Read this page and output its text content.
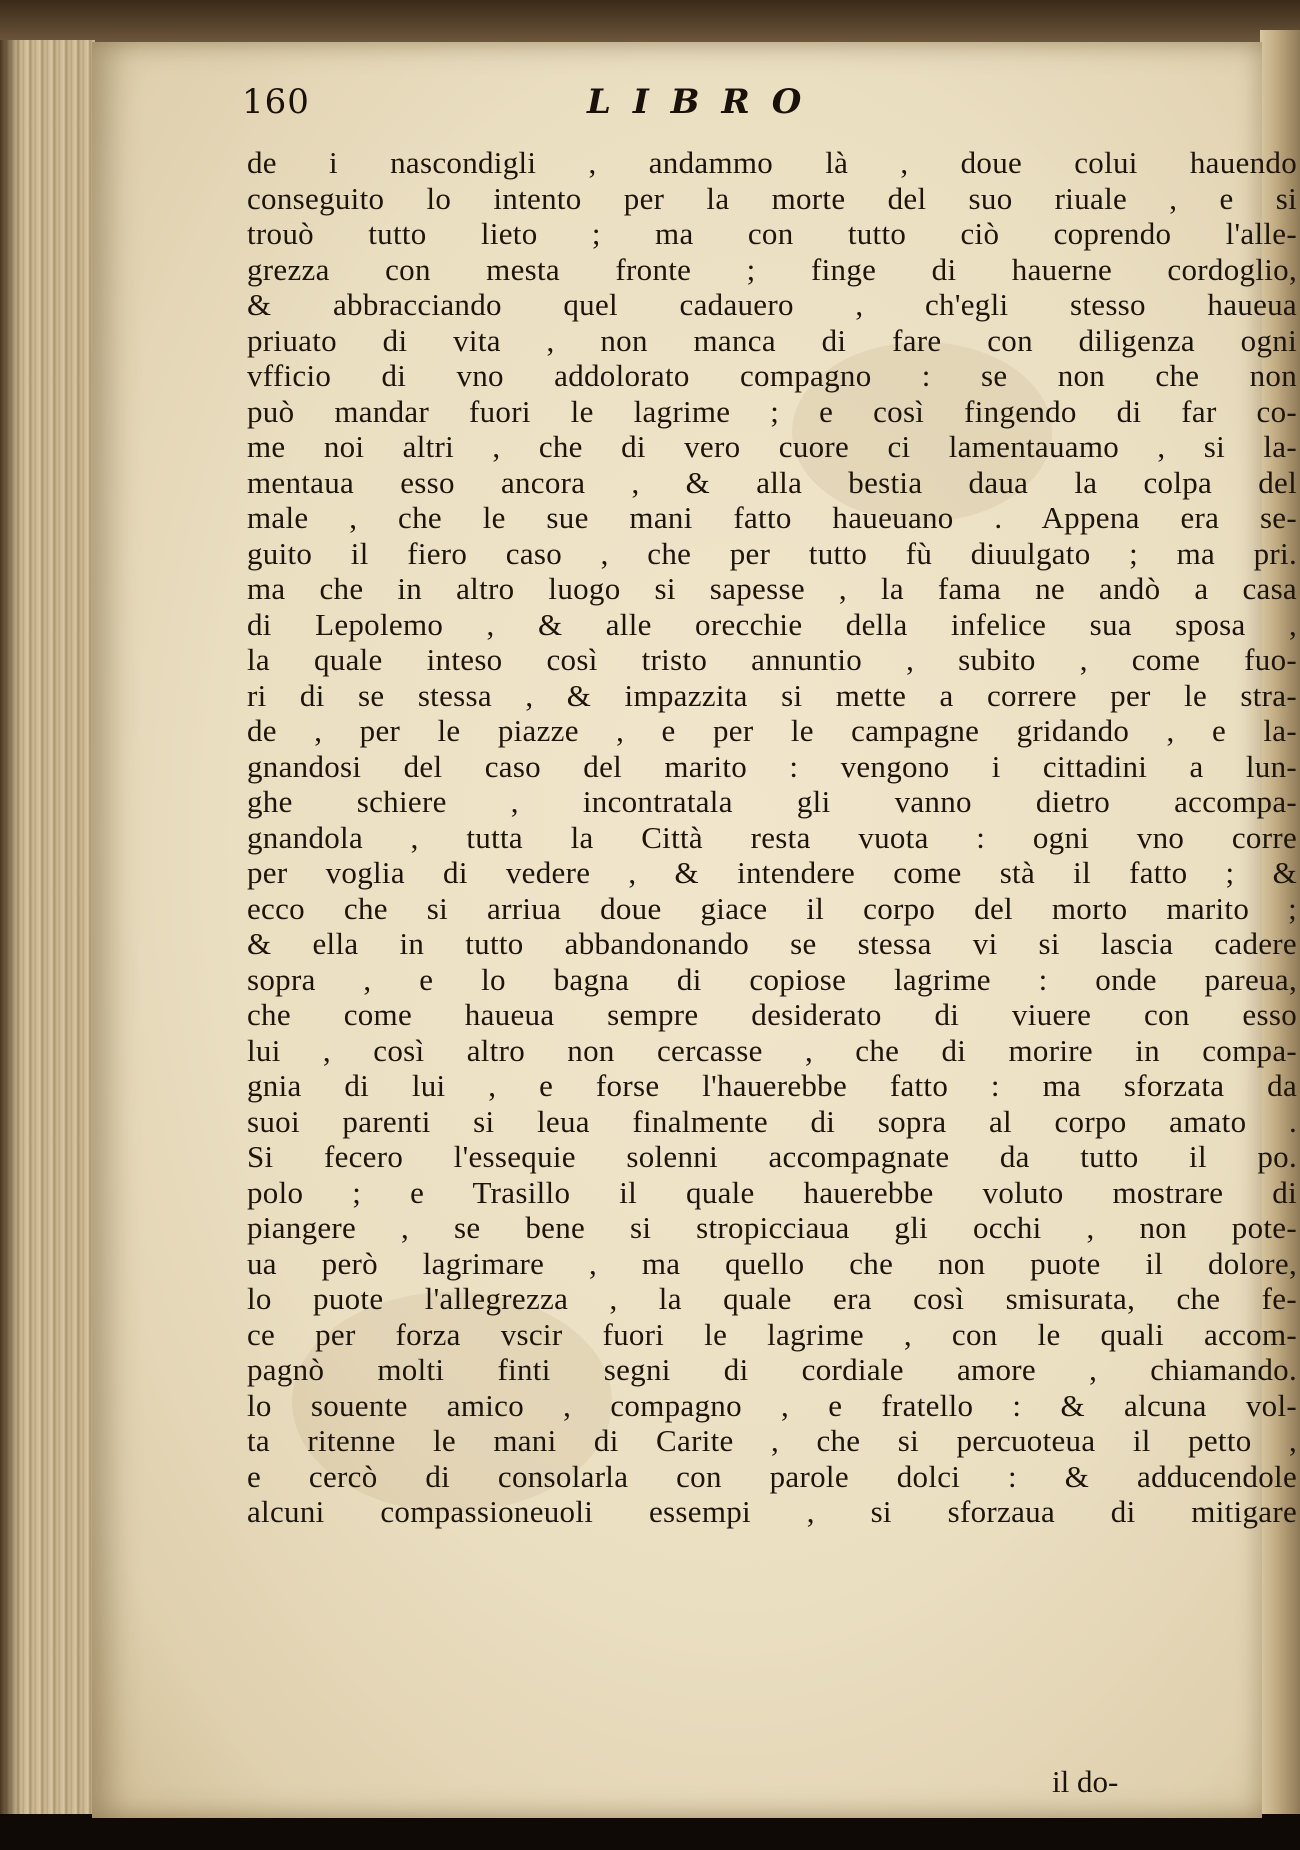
160	LIBRO
de i nascondigli , andammo là , doue colui hauendo
conseguito lo intento per la morte del suo riuale , e si
trouò tutto lieto ; ma con tutto ciò coprendo l'alle-
grezza con mesta fronte ; finge di hauerne cordoglio,
& abbracciando quel cadauero , ch'egli stesso haueua
priuato di vita , non manca di fare con diligenza ogni
vfficio di vno addolorato compagno : se non che non
può mandar fuori le lagrime ; e così fingendo di far co-
me noi altri , che di vero cuore ci lamentauamo , si la-
mentaua esso ancora , & alla bestia daua la colpa del
male , che le sue mani fatto haueuano . Appena era se-
guito il fiero caso , che per tutto fù diuulgato ; ma pri.
ma che in altro luogo si sapesse , la fama ne andò a casa
di Lepolemo , & alle orecchie della infelice sua sposa ,
la quale inteso così tristo annuntio , subito , come fuo-
ri di se stessa , & impazzita si mette a correre per le stra-
de , per le piazze , e per le campagne gridando , e la-
gnandosi del caso del marito : vengono i cittadini a lun-
ghe schiere , incontratala gli vanno dietro accompa-
gnandola , tutta la Città resta vuota : ogni vno corre
per voglia di vedere , & intendere come stà il fatto ; &
ecco che si arriua doue giace il corpo del morto marito ;
& ella in tutto abbandonando se stessa vi si lascia cadere
sopra , e lo bagna di copiose lagrime : onde pareua,
che come haueua sempre desiderato di viuere con esso
lui , così altro non cercasse , che di morire in compa-
gnia di lui , e forse l'hauerebbe fatto : ma sforzata da
suoi parenti si leua finalmente di sopra al corpo amato .
Si fecero l'essequie solenni accompagnate da tutto il po.
polo ; e Trasillo il quale hauerebbe voluto mostrare di
piangere , se bene si stropicciaua gli occhi , non pote-
ua però lagrimare , ma quello che non puote il dolore,
lo puote l'allegrezza , la quale era così smisurata, che fe-
ce per forza vscir fuori le lagrime , con le quali accom-
pagnò molti finti segni di cordiale amore , chiamando.
lo souente amico , compagno , e fratello : & alcuna vol-
ta ritenne le mani di Carite , che si percuoteua il petto ,
e cercò di consolarla con parole dolci : & adducendole
alcuni compassioneuoli essempi , si sforzaua di mitigare
il do-
